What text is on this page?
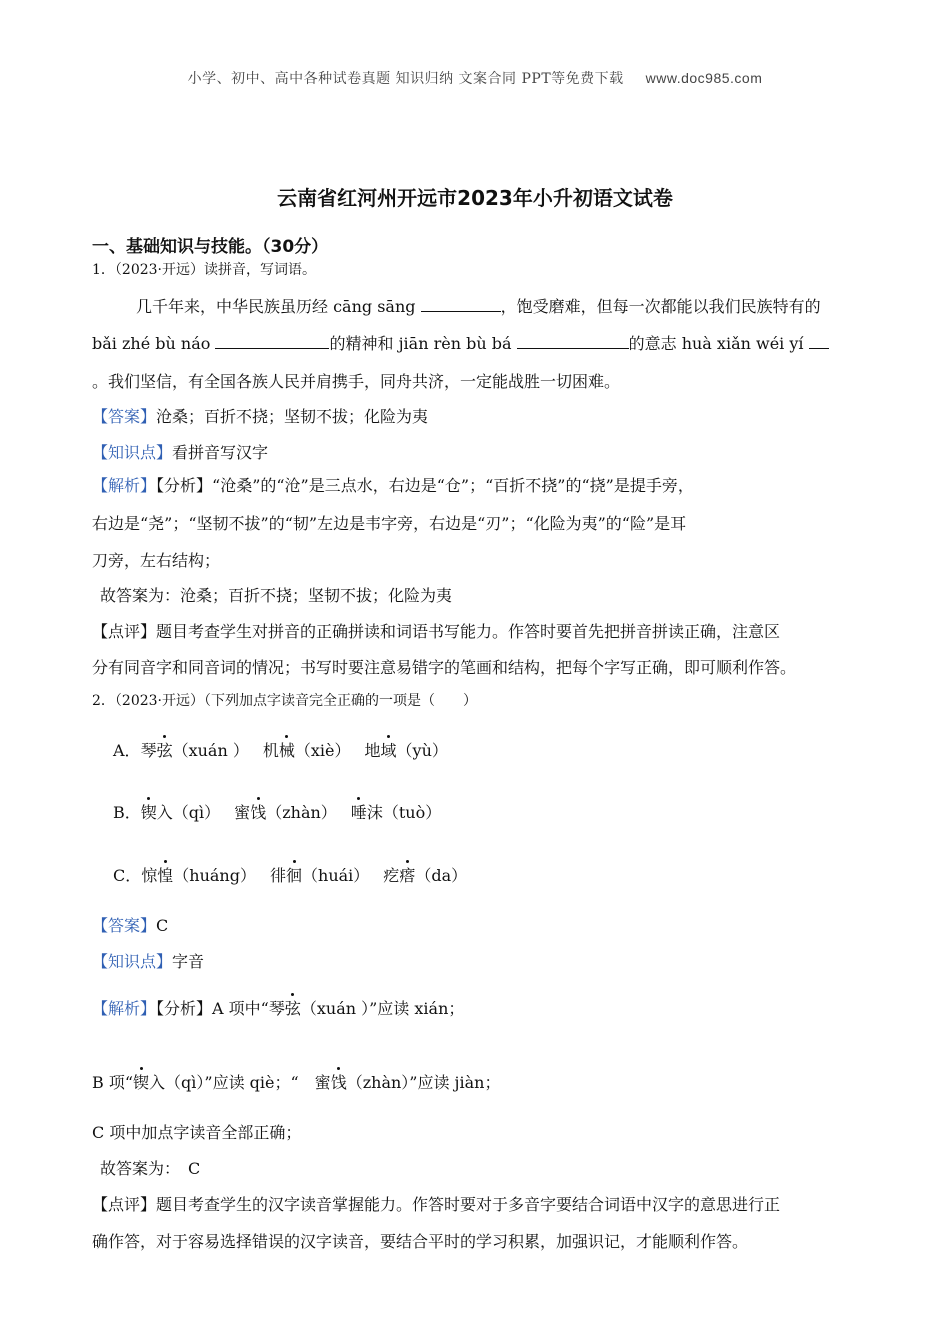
小学、初中、高中各种试卷真题 知识归纳 文案合同 PPT等免费下载 www.doc985.com
云南省红河州开远市2023年小升初语文试卷
一、基础知识与技能。（30分）
1．（2023·开远）读拼音，写词语。
几千年来，中华民族虽历经 cāng sāng	，饱受磨难，但每一次都能以我们民族特有的
bǎi zhé bù náo	的精神和 jiān rèn bù bá	的意志 huà xiǎn wéi yí
。我们坚信，有全国各族人民并肩携手，同舟共济，一定能战胜一切困难。
【答案】沧桑；百折不挠；坚韧不拔；化险为夷
【知识点】看拼音写汉字
【解析】【分析】“沧桑”的“沧”是三点水，右边是“仓”；“百折不挠”的“挠”是提手旁，
右边是“尧”；“坚韧不拔”的“韧”左边是韦字旁，右边是“刃”；“化险为夷”的“险”是耳
刀旁，左右结构；
故答案为：沧桑；百折不挠；坚韧不拔；化险为夷
【点评】题目考查学生对拼音的正确拼读和词语书写能力。作答时要首先把拼音拼读正确，注意区
分有同音字和同音词的情况；书写时要注意易错字的笔画和结构，把每个字写正确，即可顺利作答。
2．（2023·开远）（下列加点字读音完全正确的一项是（　　）
A．琴弦（xuán ） 机械（xiè） 地域（yù）
B．锲入（qì） 蜜饯（zhàn） 唾沫（tuò）
C．惊惶（huáng） 徘徊（huái） 疙瘩（da）
【答案】C
【知识点】字音
【解析】【分析】A 项中“琴弦（xuán ）”应读 xián；
B 项“锲入（qì）”应读 qiè；“　蜜饯（zhàn）”应读 jiàn；
C 项中加点字读音全部正确；
故答案为：　C
【点评】题目考查学生的汉字读音掌握能力。作答时要对于多音字要结合词语中汉字的意思进行正
确作答，对于容易选择错误的汉字读音，要结合平时的学习积累，加强识记，才能顺利作答。
